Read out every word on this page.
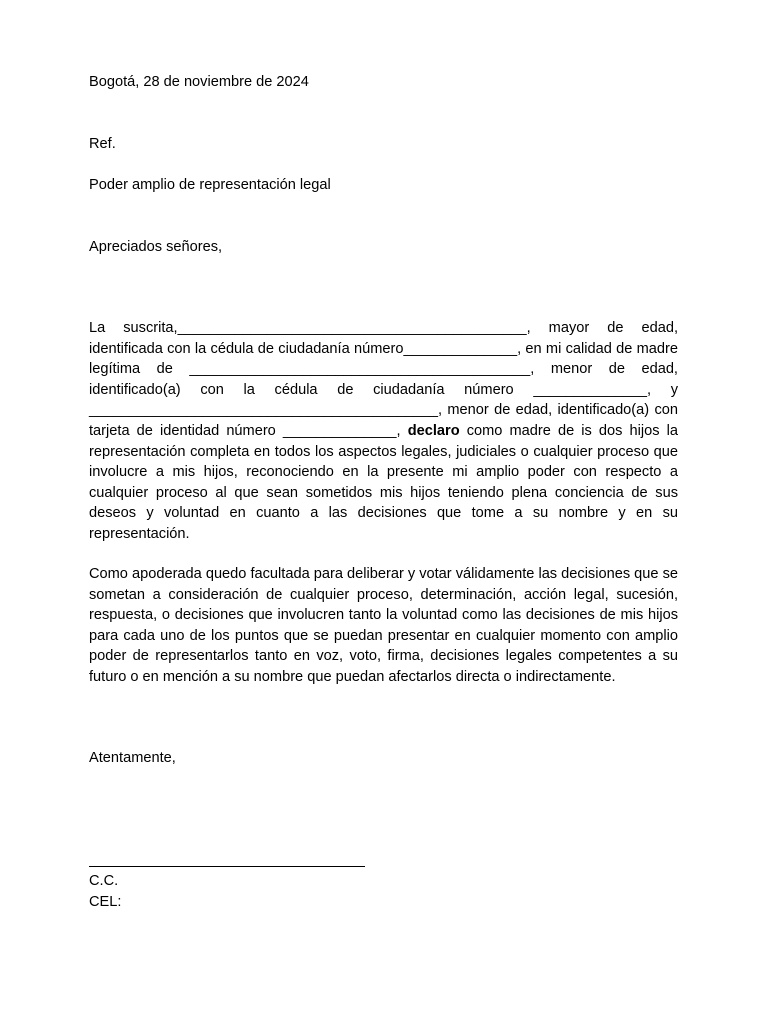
Bogotá, 28 de noviembre de 2024
Ref.
Poder amplio de representación legal
Apreciados señores,

La suscrita,___________________________________________, mayor de edad, identificada con la cédula de ciudadanía número______________, en mi calidad de madre legítima de __________________________________________, menor de edad, identificado(a) con la cédula de ciudadanía número ______________, y ___________________________________________, menor de edad, identificado(a) con tarjeta de identidad número ______________, declaro como madre de is dos hijos la representación completa en todos los aspectos legales, judiciales o cualquier proceso que involucre a mis hijos, reconociendo en la presente mi amplio poder con respecto a cualquier proceso al que sean sometidos mis hijos teniendo plena conciencia de sus deseos y voluntad en cuanto a las decisiones que tome a su nombre y en su representación.

Como apoderada quedo facultada para deliberar y votar válidamente las decisiones que se sometan a consideración de cualquier proceso, determinación, acción legal, sucesión, respuesta, o decisiones que involucren tanto la voluntad como las decisiones de mis hijos para cada uno de los puntos que se puedan presentar en cualquier momento con amplio poder de representarlos tanto en voz, voto, firma, decisiones legales competentes a su futuro o en mención a su nombre que puedan afectarlos directa o indirectamente.

Atentamente,
C.C.
CEL:
